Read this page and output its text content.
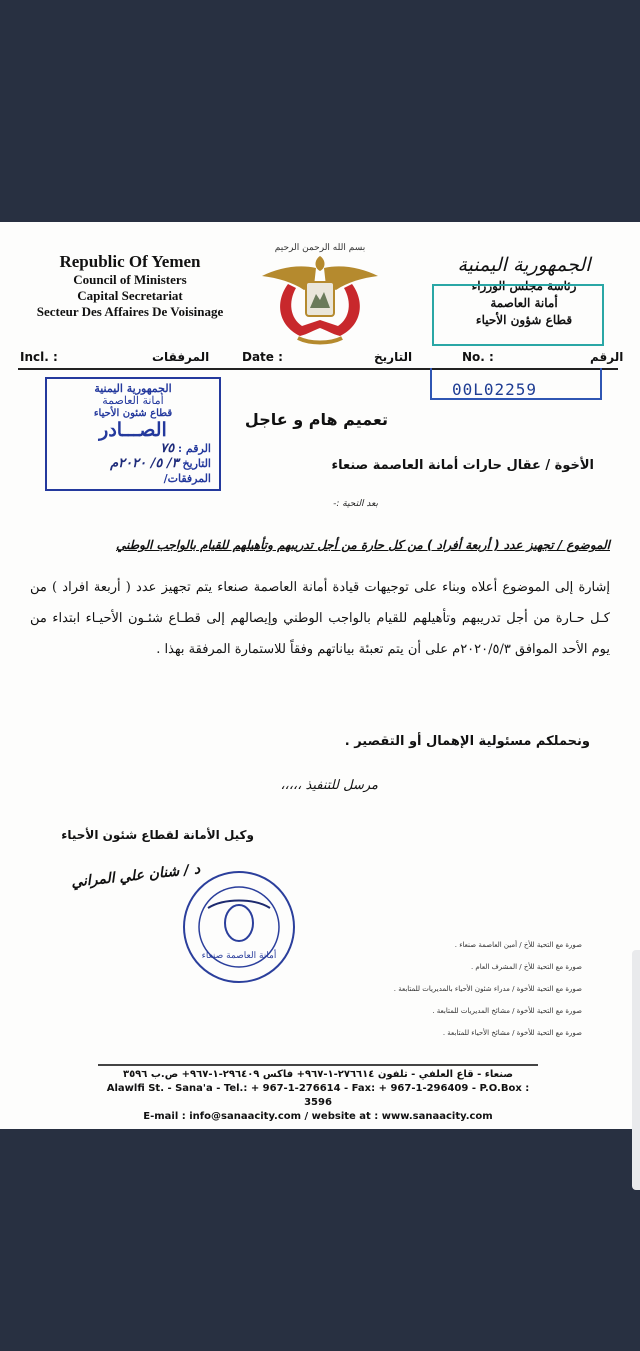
Republic Of Yemen
Council of Ministers
Capital Secretariat
Secteur Des Affaires De Voisinage
بسم الله الرحمن الرحيم
الجمهورية اليمنية
رئاسة مجلس الوزراء
أمانة العاصمة
قطاع شؤون الأحياء
Incl. :	المرفقات	Date :	التاريخ	No. :	الرقم
00L02259
الجمهورية اليمنية
أمانة العاصمة
قطاع شئون الأحياء
الصـــادر
الرقم : ٧٥
التاريخ ٣/ ٥/ ٢٠٢٠م
المرفقات/
تعميم هام و عاجل
الأخوة / عقال حارات أمانة العاصمة صنعاء
بعد التحية :-
الموضوع / تجهيز عدد ( أربعة أفراد ) من كل حارة من أجل تدريبهم وتأهيلهم للقيام بالواجب الوطني
إشارة إلى الموضوع أعلاه وبناء على توجيهات قيادة أمانة العاصمة صنعاء يتم تجهيز عدد ( أربعة افراد ) من كـل حـارة من أجل تدريبهم وتأهيلهم للقيام بالواجب الوطني وإيصالهم إلى قطـاع شئـون الأحيـاء ابتداء من يوم الأحد الموافق ٢٠٢٠/٥/٣م على أن يتم تعبئة بياناتهم وفقاً للاستمارة المرفقة بهذا .
ونحملكم مسئولية الإهمال أو التقصير .
مرسل للتنفيذ ،،،،،
وكيل الأمانة لقطاع شئون الأحياء
د / شنان علي المراني
أمانة العاصمة صنعاء
صورة مع التحية للأخ / أمين العاصمة صنعاء .
صورة مع التحية للأخ / المشرف العام .
صورة مع التحية للأخوة / مدراء شئون الأحياء بالمديريات للمتابعة .
صورة مع التحية للأخوة / مشائخ المديريات للمتابعة .
صورة مع التحية للأخوة / مشائخ الأحياء للمتابعة .
صنعاء - قاع العلفي - تلفون ٢٧٦٦١٤-١-٩٦٧+ فاكس ٢٩٦٤٠٩-١-٩٦٧+ ص.ب ٣٥٩٦
Alawlfi St. - Sana'a - Tel.: + 967-1-276614 - Fax: + 967-1-296409 - P.O.Box : 3596
E-mail : info@sanaacity.com / website at : www.sanaacity.com
